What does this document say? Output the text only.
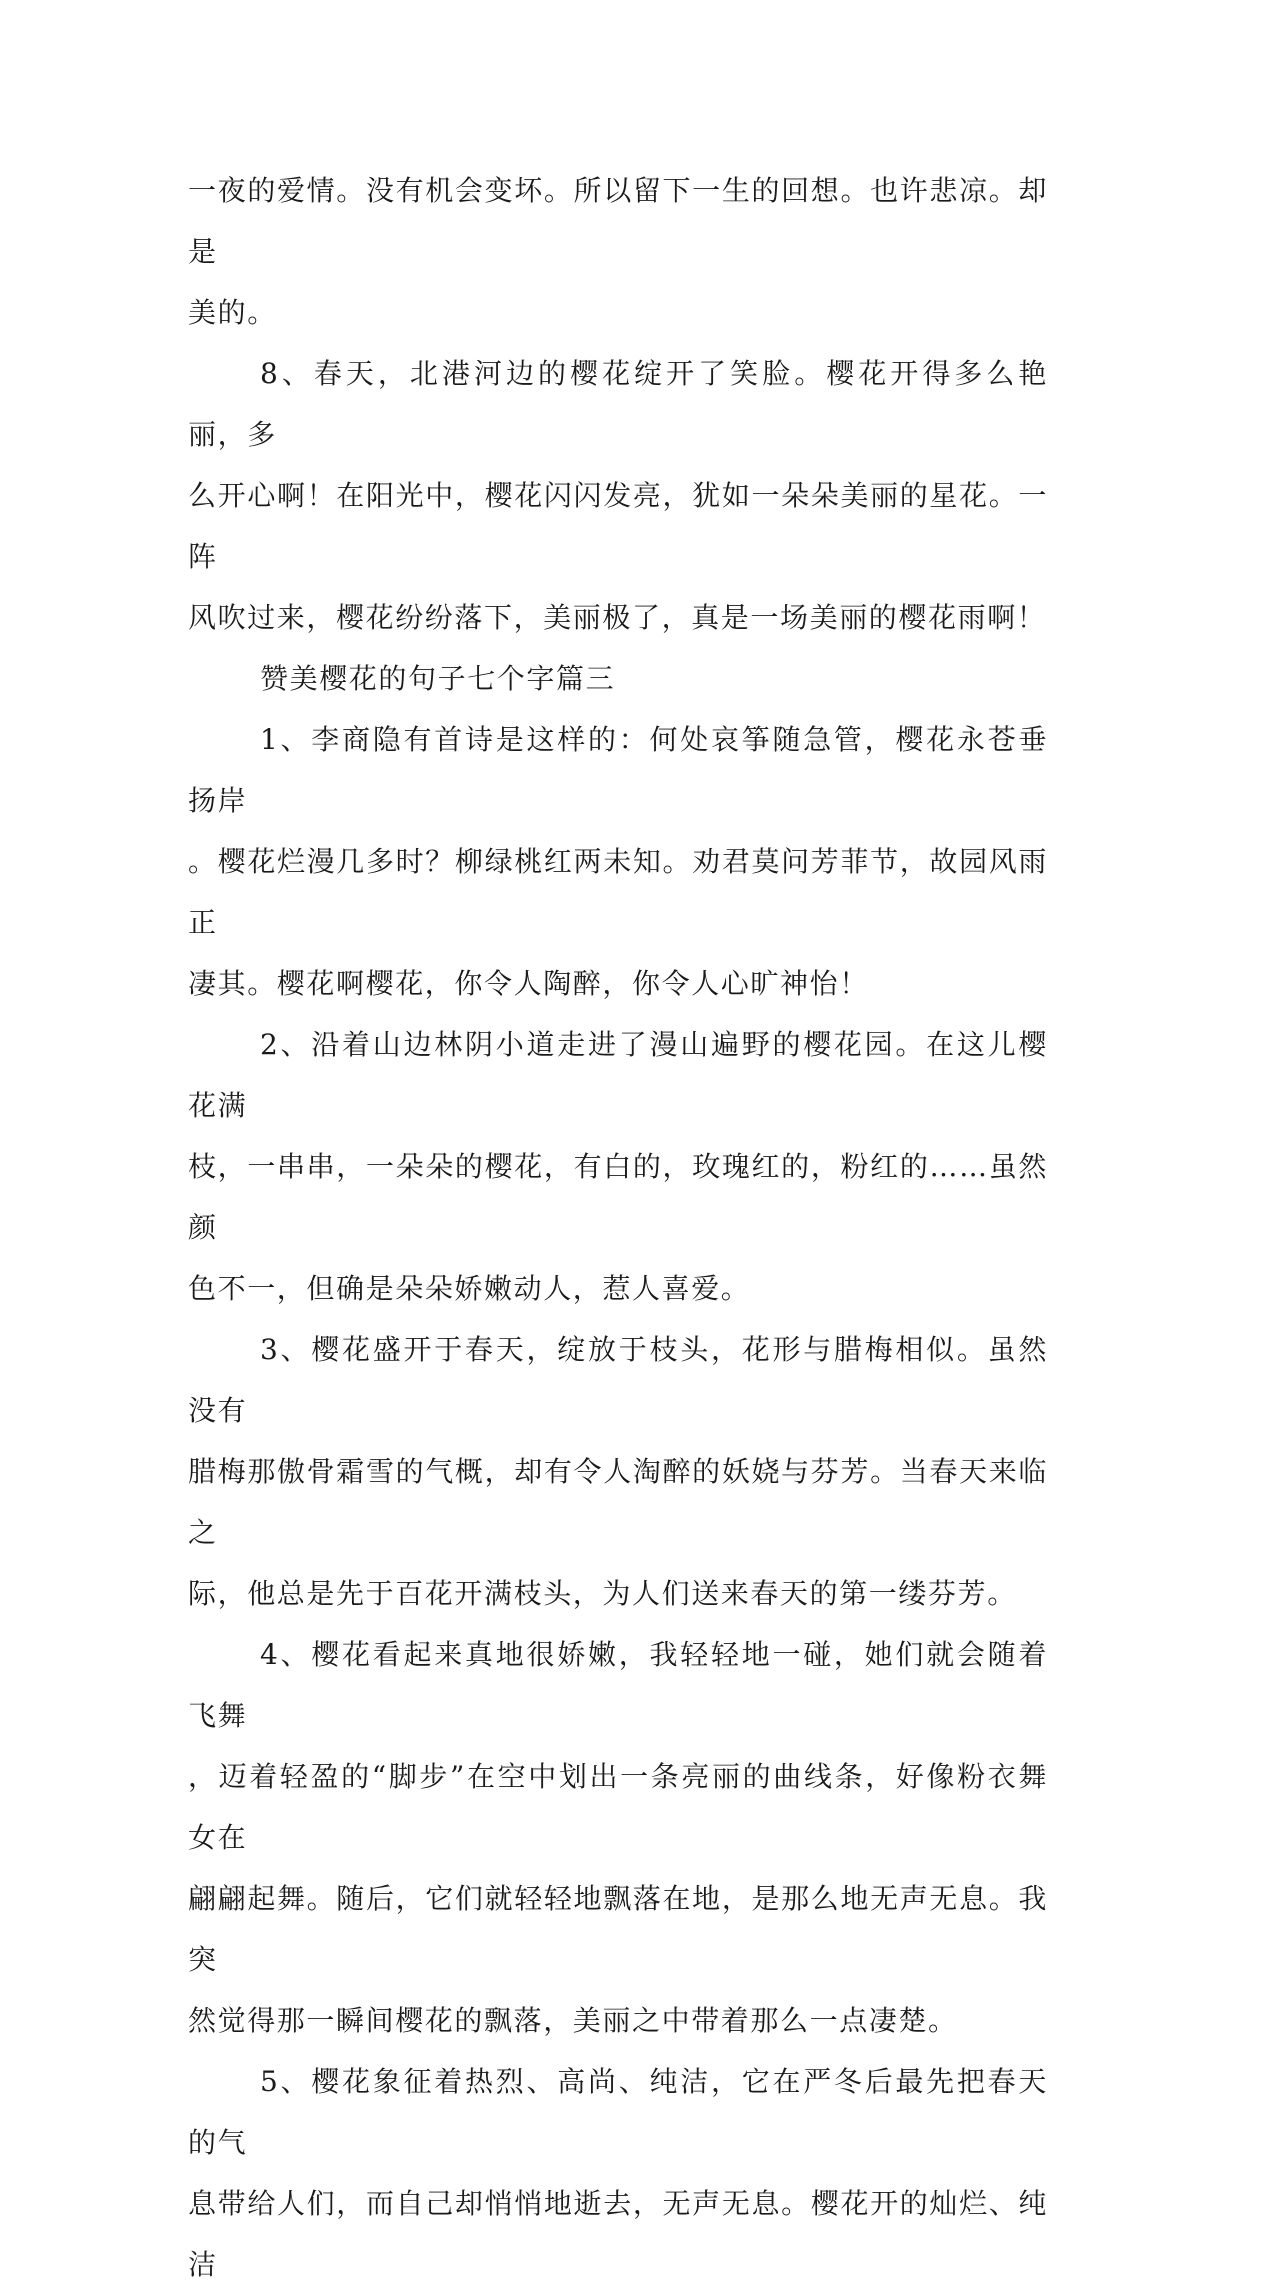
一夜的爱情。没有机会变坏。所以留下一生的回想。也许悲凉。却是
美的。

8、春天，北港河边的樱花绽开了笑脸。樱花开得多么艳丽，多
么开心啊！在阳光中，樱花闪闪发亮，犹如一朵朵美丽的星花。一阵
风吹过来，樱花纷纷落下，美丽极了，真是一场美丽的樱花雨啊！

赞美樱花的句子七个字篇三

1、李商隐有首诗是这样的：何处哀筝随急管，樱花永苍垂扬岸
。樱花烂漫几多时？柳绿桃红两未知。劝君莫问芳菲节，故园风雨正
凄其。樱花啊樱花，你令人陶醉，你令人心旷神怡！

2、沿着山边林阴小道走进了漫山遍野的樱花园。在这儿樱花满
枝，一串串，一朵朵的樱花，有白的，玫瑰红的，粉红的……虽然颜
色不一，但确是朵朵娇嫩动人，惹人喜爱。

3、樱花盛开于春天，绽放于枝头，花形与腊梅相似。虽然没有
腊梅那傲骨霜雪的气概，却有令人淘醉的妖娆与芬芳。当春天来临之
际，他总是先于百花开满枝头，为人们送来春天的第一缕芬芳。

4、樱花看起来真地很娇嫩，我轻轻地一碰，她们就会随着飞舞
，迈着轻盈的“脚步”在空中划出一条亮丽的曲线条，好像粉衣舞女在
翩翩起舞。随后，它们就轻轻地飘落在地，是那么地无声无息。我突
然觉得那一瞬间樱花的飘落，美丽之中带着那么一点凄楚。

5、樱花象征着热烈、高尚、纯洁，它在严冬后最先把春天的气
息带给人们，而自己却悄悄地逝去，无声无息。樱花开的灿烂、纯洁
